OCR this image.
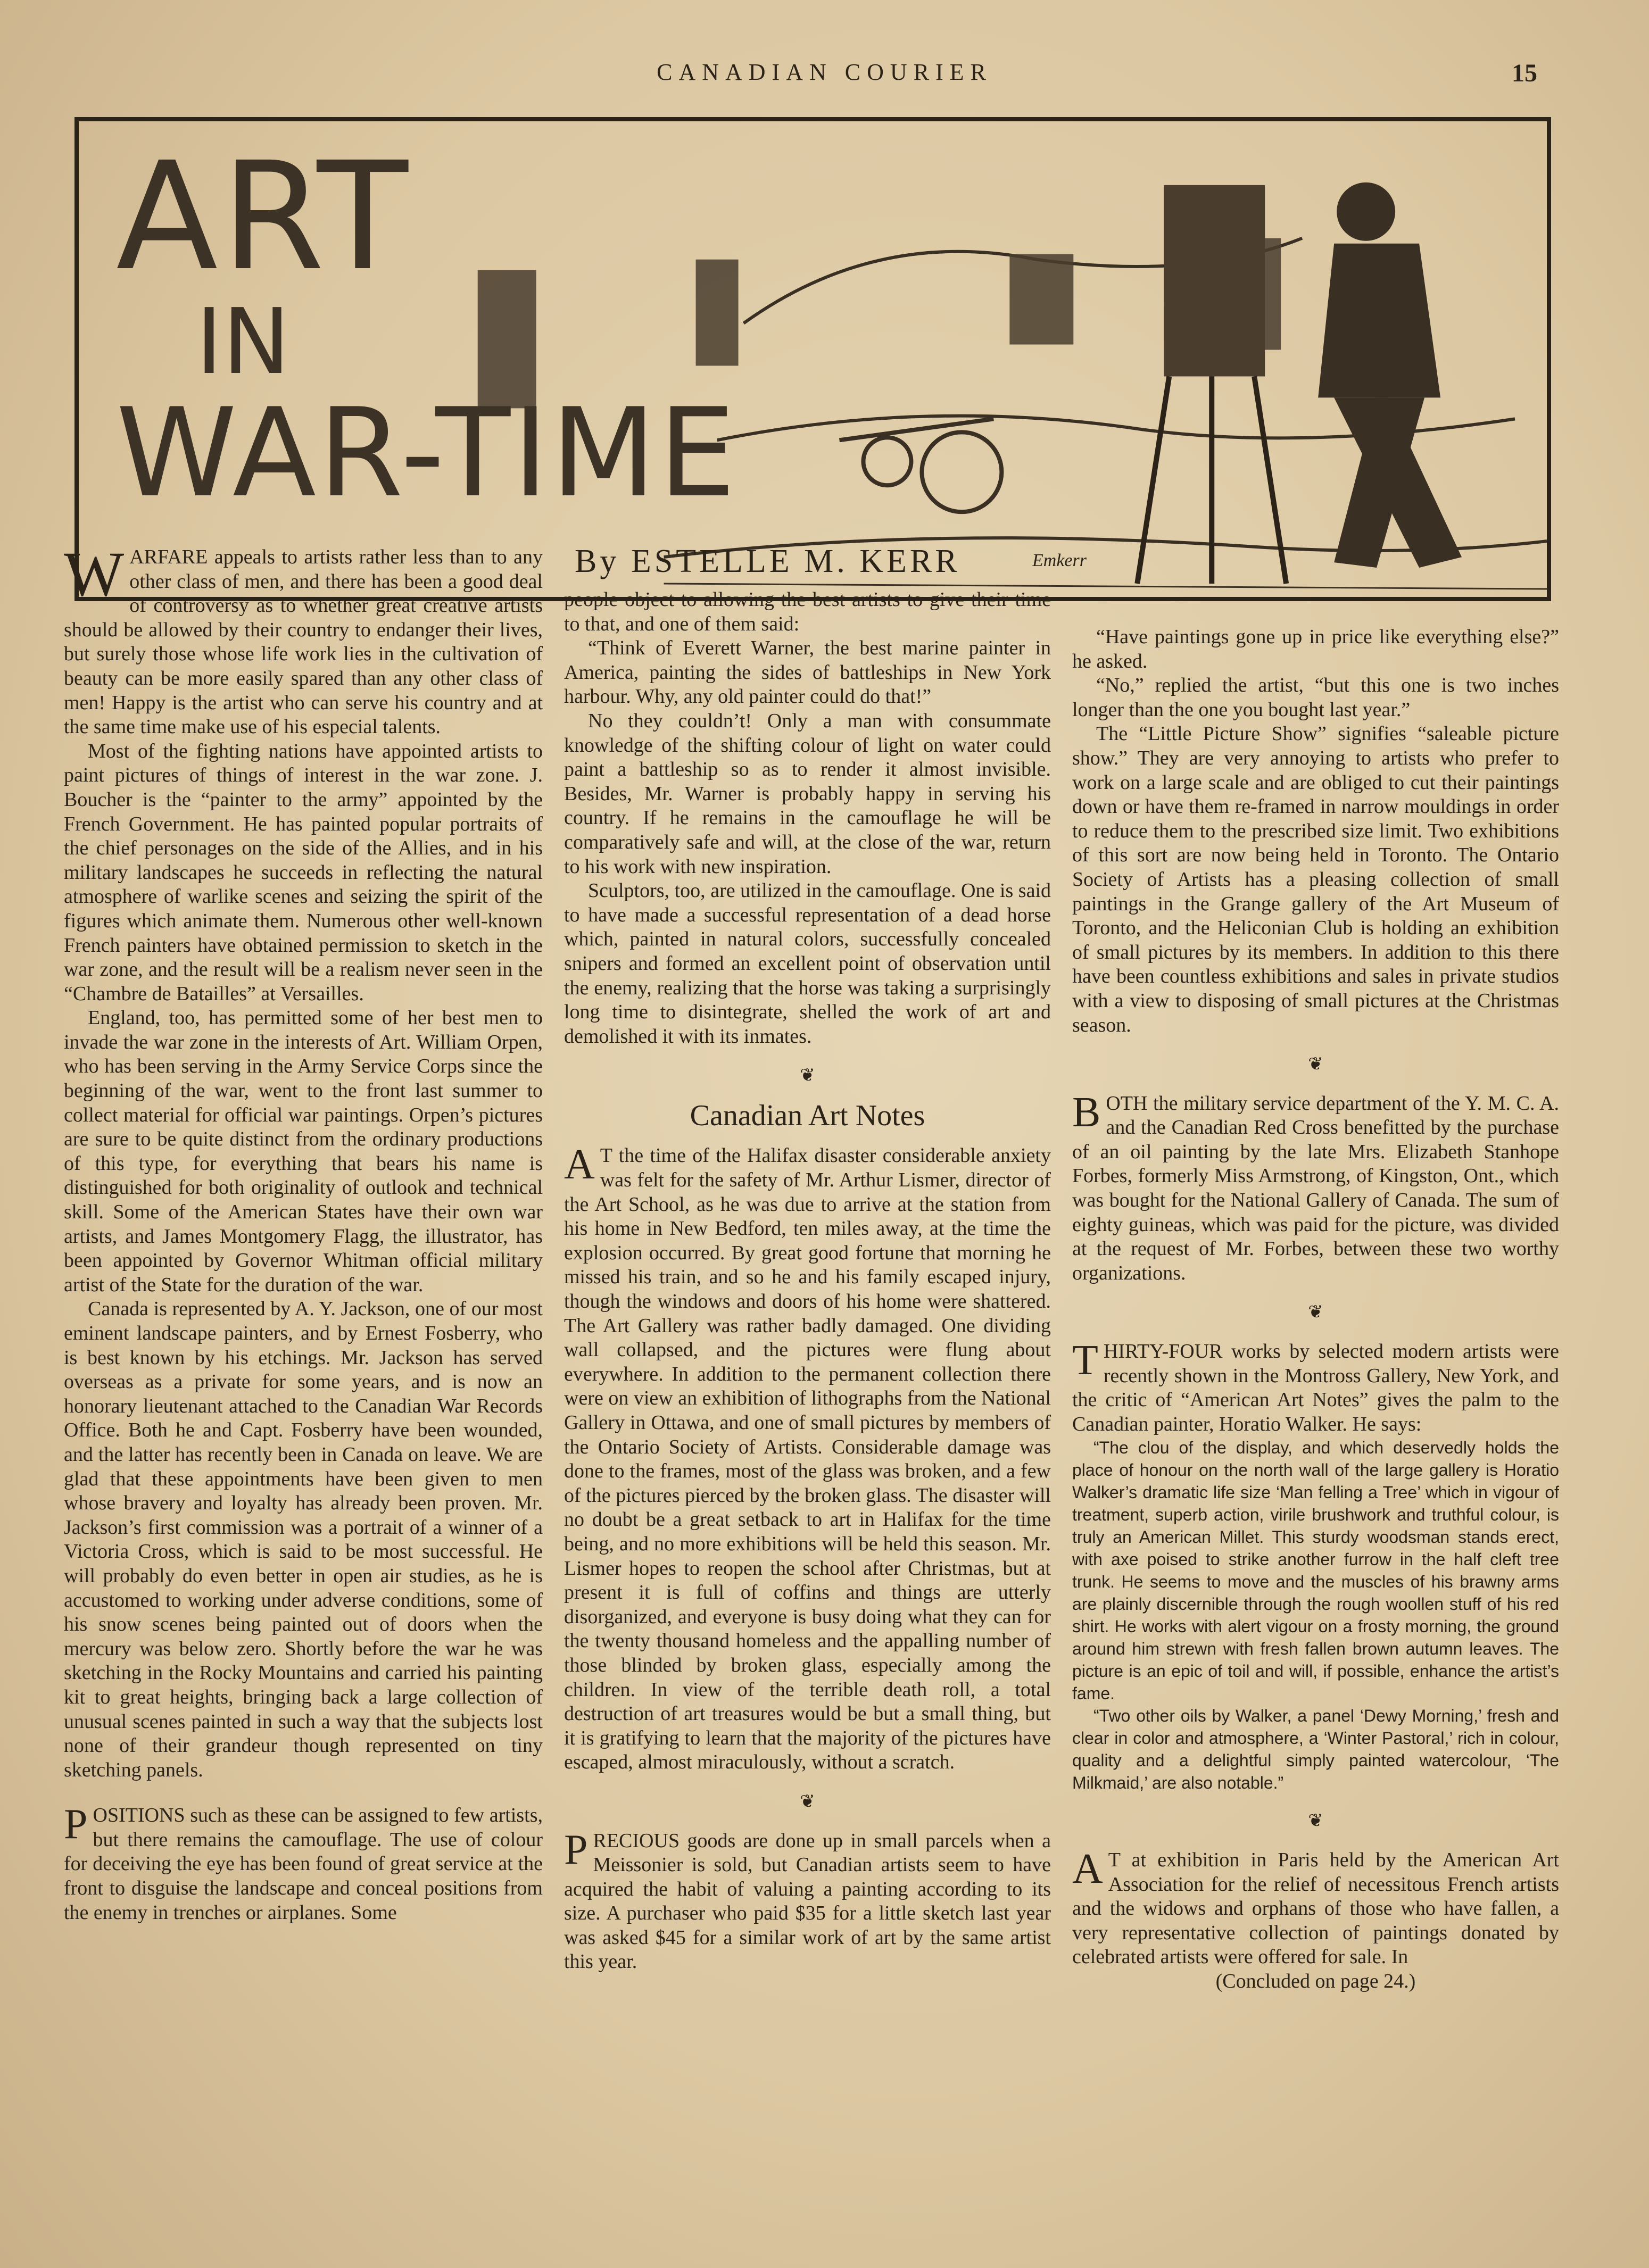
CANADIAN COURIER	15
ART
IN
WAR-TIME
By ESTELLE M. KERR	Emkerr

WARFARE appeals to artists rather less than to any other class of men, and there has been a good deal of controversy as to whether great creative artists should be allowed by their country to endanger their lives, but surely those whose life work lies in the cultivation of beauty can be more easily spared than any other class of men! Happy is the artist who can serve his country and at the same time make use of his especial talents.

Most of the fighting nations have appointed artists to paint pictures of things of interest in the war zone. J. Boucher is the “painter to the army” appointed by the French Government. He has painted popular portraits of the chief personages on the side of the Allies, and in his military landscapes he succeeds in reflecting the natural atmosphere of warlike scenes and seizing the spirit of the figures which animate them. Numerous other well-known French painters have obtained permission to sketch in the war zone, and the result will be a realism never seen in the “Chambre de Batailles” at Versailles.

England, too, has permitted some of her best men to invade the war zone in the interests of Art. William Orpen, who has been serving in the Army Service Corps since the beginning of the war, went to the front last summer to collect material for official war paintings. Orpen’s pictures are sure to be quite distinct from the ordinary productions of this type, for everything that bears his name is distinguished for both originality of outlook and technical skill. Some of the American States have their own war artists, and James Montgomery Flagg, the illustrator, has been appointed by Governor Whitman official military artist of the State for the duration of the war.

Canada is represented by A. Y. Jackson, one of our most eminent landscape painters, and by Ernest Fosberry, who is best known by his etchings. Mr. Jackson has served overseas as a private for some years, and is now an honorary lieutenant attached to the Canadian War Records Office. Both he and Capt. Fosberry have been wounded, and the latter has recently been in Canada on leave. We are glad that these appointments have been given to men whose bravery and loyalty has already been proven. Mr. Jackson’s first commission was a portrait of a winner of a Victoria Cross, which is said to be most successful. He will probably do even better in open air studies, as he is accustomed to working under adverse conditions, some of his snow scenes being painted out of doors when the mercury was below zero. Shortly before the war he was sketching in the Rocky Mountains and carried his painting kit to great heights, bringing back a large collection of unusual scenes painted in such a way that the subjects lost none of their grandeur though represented on tiny sketching panels.

POSITIONS such as these can be assigned to few artists, but there remains the camouflage. The use of colour for deceiving the eye has been found of great service at the front to disguise the landscape and conceal positions from the enemy in trenches or airplanes. Some

people object to allowing the best artists to give their time to that, and one of them said:

“Think of Everett Warner, the best marine painter in America, painting the sides of battleships in New York harbour. Why, any old painter could do that!”

No they couldn’t! Only a man with consummate knowledge of the shifting colour of light on water could paint a battleship so as to render it almost invisible. Besides, Mr. Warner is probably happy in serving his country. If he remains in the camouflage he will be comparatively safe and will, at the close of the war, return to his work with new inspiration.

Sculptors, too, are utilized in the camouflage. One is said to have made a successful representation of a dead horse which, painted in natural colors, successfully concealed snipers and formed an excellent point of observation until the enemy, realizing that the horse was taking a surprisingly long time to disintegrate, shelled the work of art and demolished it with its inmates.

❦
Canadian Art Notes

A T the time of the Halifax disaster considerable anxiety was felt for the safety of Mr. Arthur Lismer, director of the Art School, as he was due to arrive at the station from his home in New Bedford, ten miles away, at the time the explosion occurred. By great good fortune that morning he missed his train, and so he and his family escaped injury, though the windows and doors of his home were shattered. The Art Gallery was rather badly damaged. One dividing wall collapsed, and the pictures were flung about everywhere. In addition to the permanent collection there were on view an exhibition of lithographs from the National Gallery in Ottawa, and one of small pictures by members of the Ontario Society of Artists. Considerable damage was done to the frames, most of the glass was broken, and a few of the pictures pierced by the broken glass. The disaster will no doubt be a great setback to art in Halifax for the time being, and no more exhibitions will be held this season. Mr. Lismer hopes to reopen the school after Christmas, but at present it is full of coffins and things are utterly disorganized, and everyone is busy doing what they can for the twenty thousand homeless and the appalling number of those blinded by broken glass, especially among the children. In view of the terrible death roll, a total destruction of art treasures would be but a small thing, but it is gratifying to learn that the majority of the pictures have escaped, almost miraculously, without a scratch.

❦

PRECIOUS goods are done up in small parcels when a Meissonier is sold, but Canadian artists seem to have acquired the habit of valuing a painting according to its size. A purchaser who paid $35 for a little sketch last year was asked $45 for a similar work of art by the same artist this year.

“Have paintings gone up in price like everything else?” he asked.

“No,” replied the artist, “but this one is two inches longer than the one you bought last year.”

The “Little Picture Show” signifies “saleable picture show.” They are very annoying to artists who prefer to work on a large scale and are obliged to cut their paintings down or have them re-framed in narrow mouldings in order to reduce them to the prescribed size limit. Two exhibitions of this sort are now being held in Toronto. The Ontario Society of Artists has a pleasing collection of small paintings in the Grange gallery of the Art Museum of Toronto, and the Heliconian Club is holding an exhibition of small pictures by its members. In addition to this there have been countless exhibitions and sales in private studios with a view to disposing of small pictures at the Christmas season.

❦

BOTH the military service department of the Y. M. C. A. and the Canadian Red Cross benefitted by the purchase of an oil painting by the late Mrs. Elizabeth Stanhope Forbes, formerly Miss Armstrong, of Kingston, Ont., which was bought for the National Gallery of Canada. The sum of eighty guineas, which was paid for the picture, was divided at the request of Mr. Forbes, between these two worthy organizations.

❦

THIRTY-FOUR works by selected modern artists were recently shown in the Montross Gallery, New York, and the critic of “American Art Notes” gives the palm to the Canadian painter, Horatio Walker. He says:

“The clou of the display, and which deservedly holds the place of honour on the north wall of the large gallery is Horatio Walker’s dramatic life size ‘Man felling a Tree’ which in vigour of treatment, superb action, virile brushwork and truthful colour, is truly an American Millet. This sturdy woodsman stands erect, with axe poised to strike another furrow in the half cleft tree trunk. He seems to move and the muscles of his brawny arms are plainly discernible through the rough woollen stuff of his red shirt. He works with alert vigour on a frosty morning, the ground around him strewn with fresh fallen brown autumn leaves. The picture is an epic of toil and will, if possible, enhance the artist’s fame.

“Two other oils by Walker, a panel ‘Dewy Morning,’ fresh and clear in color and atmosphere, a ‘Winter Pastoral,’ rich in colour, quality and a delightful simply painted watercolour, ‘The Milkmaid,’ are also notable.”

❦

A T at exhibition in Paris held by the American Art Association for the relief of necessitous French artists and the widows and orphans of those who have fallen, a very representative collection of paintings donated by celebrated artists were offered for sale. In

(Concluded on page 24.)
